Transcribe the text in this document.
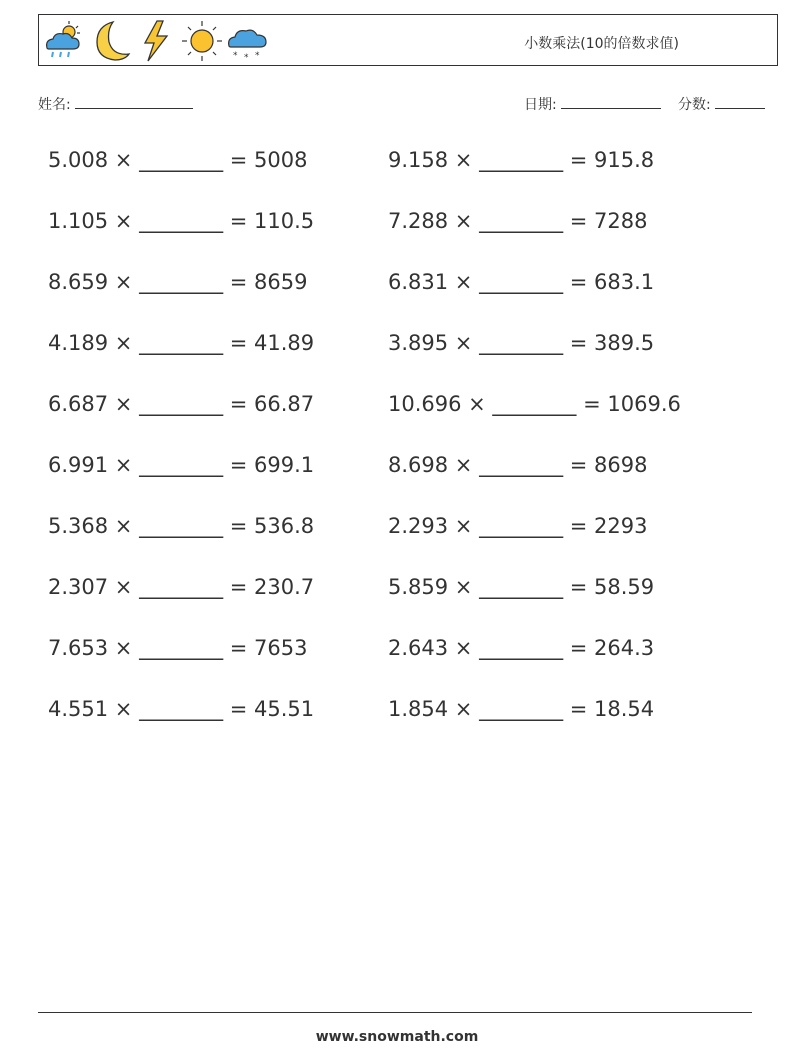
* * *
小数乘法(10的倍数求值)
姓名:	日期:	分数:
5.008 × ________ = 5008
1.105 × ________ = 110.5
8.659 × ________ = 8659
4.189 × ________ = 41.89
6.687 × ________ = 66.87
6.991 × ________ = 699.1
5.368 × ________ = 536.8
2.307 × ________ = 230.7
7.653 × ________ = 7653
4.551 × ________ = 45.51
9.158 × ________ = 915.8
7.288 × ________ = 7288
6.831 × ________ = 683.1
3.895 × ________ = 389.5
10.696 × ________ = 1069.6
8.698 × ________ = 8698
2.293 × ________ = 2293
5.859 × ________ = 58.59
2.643 × ________ = 264.3
1.854 × ________ = 18.54
www.snowmath.com
